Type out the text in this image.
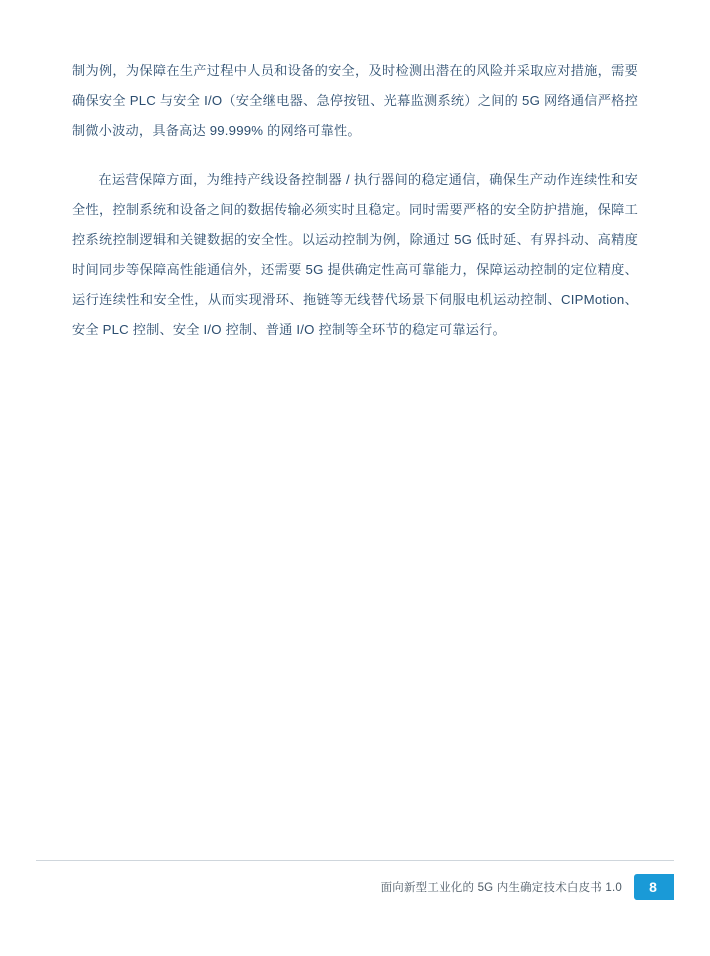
制为例，为保障在生产过程中人员和设备的安全，及时检测出潜在的风险并采取应对措施，需要确保安全 PLC 与安全 I/O（安全继电器、急停按钮、光幕监测系统）之间的 5G 网络通信严格控制微小波动，具备高达 99.999% 的网络可靠性。

在运营保障方面，为维持产线设备控制器 / 执行器间的稳定通信，确保生产动作连续性和安全性，控制系统和设备之间的数据传输必须实时且稳定。同时需要严格的安全防护措施，保障工控系统控制逻辑和关键数据的安全性。以运动控制为例，除通过 5G 低时延、有界抖动、高精度时间同步等保障高性能通信外，还需要 5G 提供确定性高可靠能力，保障运动控制的定位精度、运行连续性和安全性，从而实现滑环、拖链等无线替代场景下伺服电机运动控制、CIPMotion、安全 PLC 控制、安全 I/O 控制、普通 I/O 控制等全环节的稳定可靠运行。

面向新型工业化的 5G 内生确定技术白皮书 1.0	8
